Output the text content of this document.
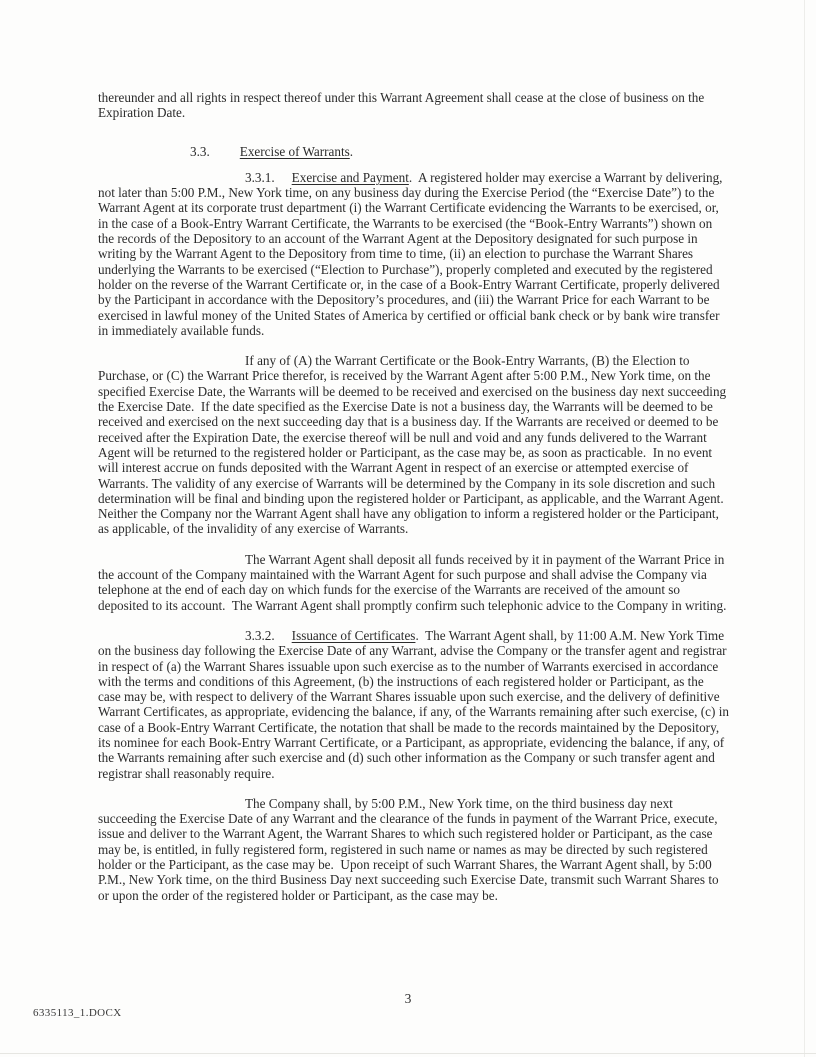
thereunder and all rights in respect thereof under this Warrant Agreement shall cease at the close of business on the Expiration Date.

3.3. Exercise of Warrants.

3.3.1. Exercise and Payment.  A registered holder may exercise a Warrant by delivering, not later than 5:00 P.M., New York time, on any business day during the Exercise Period (the “Exercise Date”) to the Warrant Agent at its corporate trust department (i) the Warrant Certificate evidencing the Warrants to be exercised, or, in the case of a Book-Entry Warrant Certificate, the Warrants to be exercised (the “Book-Entry Warrants”) shown on the records of the Depository to an account of the Warrant Agent at the Depository designated for such purpose in writing by the Warrant Agent to the Depository from time to time, (ii) an election to purchase the Warrant Shares underlying the Warrants to be exercised (“Election to Purchase”), properly completed and executed by the registered holder on the reverse of the Warrant Certificate or, in the case of a Book-Entry Warrant Certificate, properly delivered by the Participant in accordance with the Depository’s procedures, and (iii) the Warrant Price for each Warrant to be exercised in lawful money of the United States of America by certified or official bank check or by bank wire transfer in immediately available funds.

If any of (A) the Warrant Certificate or the Book-Entry Warrants, (B) the Election to Purchase, or (C) the Warrant Price therefor, is received by the Warrant Agent after 5:00 P.M., New York time, on the specified Exercise Date, the Warrants will be deemed to be received and exercised on the business day next succeeding the Exercise Date.  If the date specified as the Exercise Date is not a business day, the Warrants will be deemed to be received and exercised on the next succeeding day that is a business day. If the Warrants are received or deemed to be received after the Expiration Date, the exercise thereof will be null and void and any funds delivered to the Warrant Agent will be returned to the registered holder or Participant, as the case may be, as soon as practicable.  In no event will interest accrue on funds deposited with the Warrant Agent in respect of an exercise or attempted exercise of Warrants. The validity of any exercise of Warrants will be determined by the Company in its sole discretion and such determination will be final and binding upon the registered holder or Participant, as applicable, and the Warrant Agent.  Neither the Company nor the Warrant Agent shall have any obligation to inform a registered holder or the Participant, as applicable, of the invalidity of any exercise of Warrants.

The Warrant Agent shall deposit all funds received by it in payment of the Warrant Price in the account of the Company maintained with the Warrant Agent for such purpose and shall advise the Company via telephone at the end of each day on which funds for the exercise of the Warrants are received of the amount so deposited to its account.  The Warrant Agent shall promptly confirm such telephonic advice to the Company in writing.

3.3.2. Issuance of Certificates.  The Warrant Agent shall, by 11:00 A.M. New York Time on the business day following the Exercise Date of any Warrant, advise the Company or the transfer agent and registrar in respect of (a) the Warrant Shares issuable upon such exercise as to the number of Warrants exercised in accordance with the terms and conditions of this Agreement, (b) the instructions of each registered holder or Participant, as the case may be, with respect to delivery of the Warrant Shares issuable upon such exercise, and the delivery of definitive Warrant Certificates, as appropriate, evidencing the balance, if any, of the Warrants remaining after such exercise, (c) in case of a Book-Entry Warrant Certificate, the notation that shall be made to the records maintained by the Depository, its nominee for each Book-Entry Warrant Certificate, or a Participant, as appropriate, evidencing the balance, if any, of the Warrants remaining after such exercise and (d) such other information as the Company or such transfer agent and registrar shall reasonably require.

The Company shall, by 5:00 P.M., New York time, on the third business day next succeeding the Exercise Date of any Warrant and the clearance of the funds in payment of the Warrant Price, execute, issue and deliver to the Warrant Agent, the Warrant Shares to which such registered holder or Participant, as the case may be, is entitled, in fully registered form, registered in such name or names as may be directed by such registered holder or the Participant, as the case may be.  Upon receipt of such Warrant Shares, the Warrant Agent shall, by 5:00 P.M., New York time, on the third Business Day next succeeding such Exercise Date, transmit such Warrant Shares to or upon the order of the registered holder or Participant, as the case may be.

3
6335113_1.DOCX
